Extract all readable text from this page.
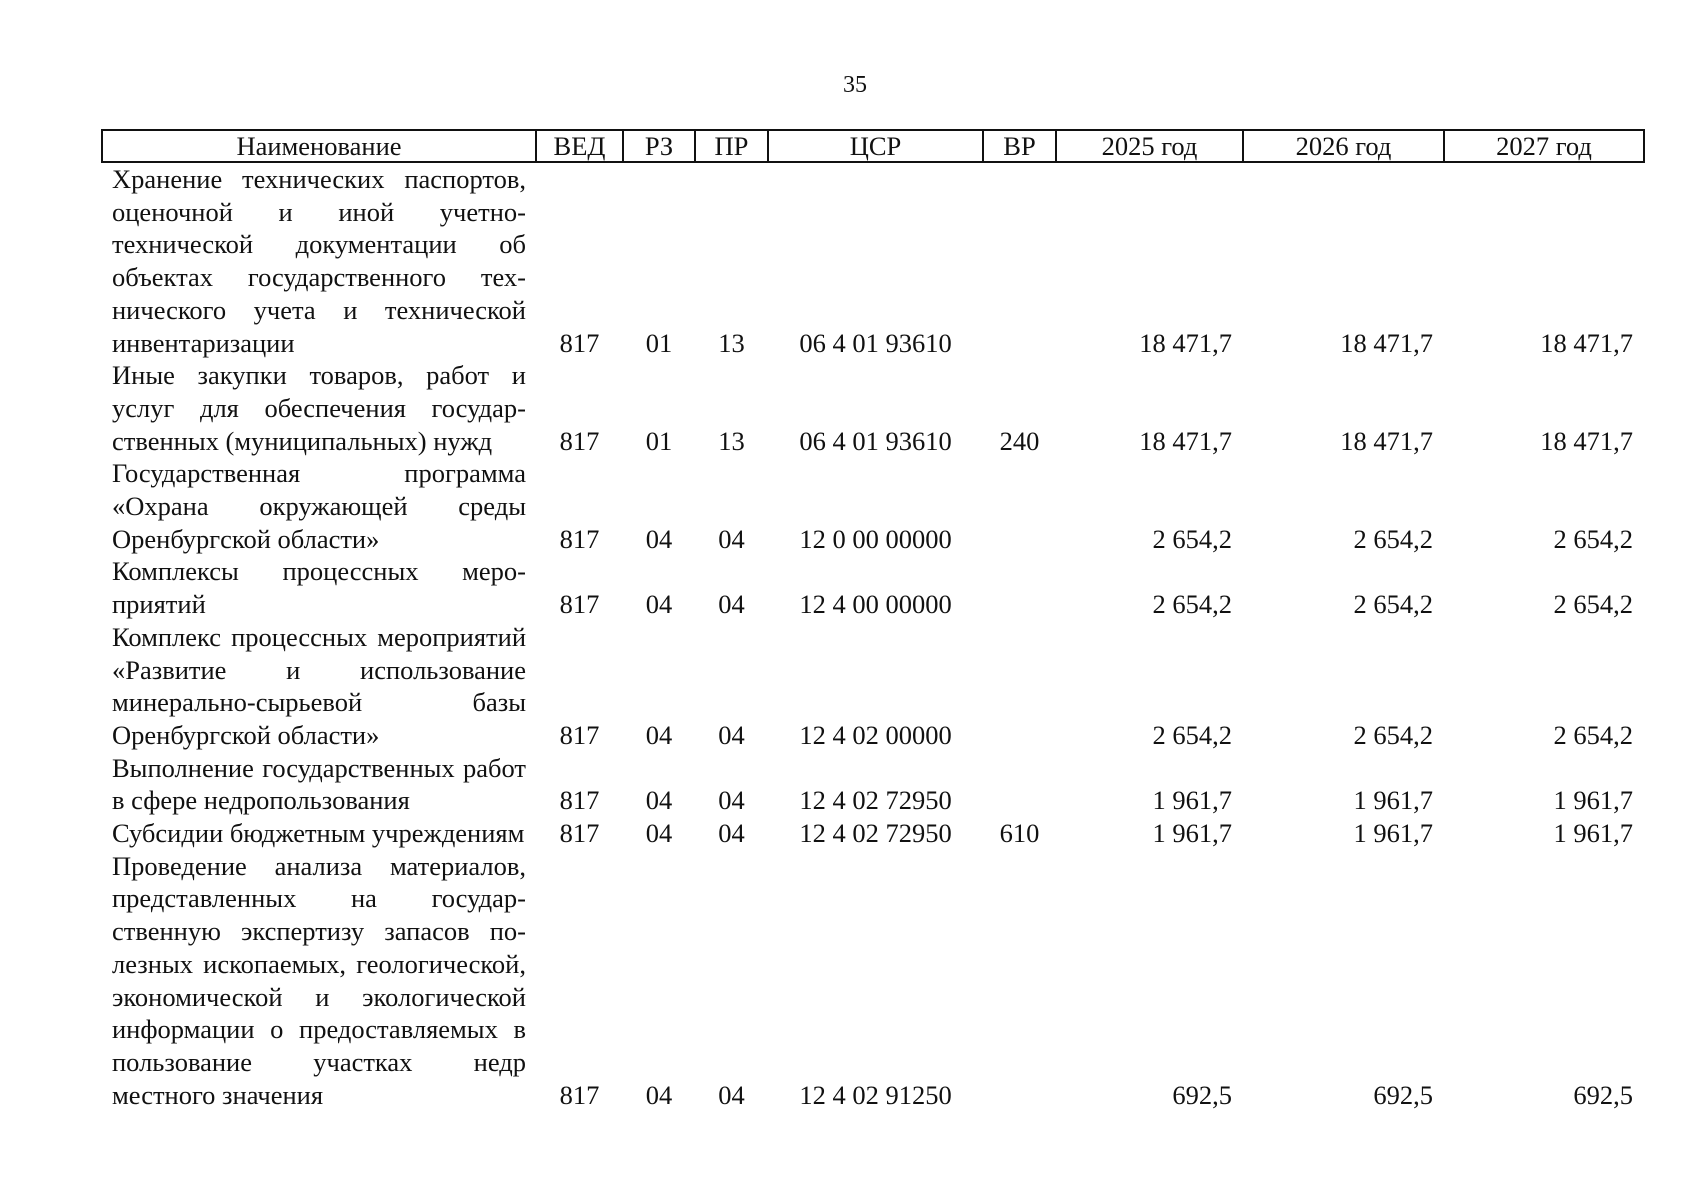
35
Наименование	ВЕД	РЗ	ПР	ЦСР	ВР	2025 год	2026 год	2027 год
Хранение технических паспортов, оценочной и иной учетно-технической документации об объектах государственного технического учета и технической инвентаризации	817	01	13	06 4 01 93610		18 471,7	18 471,7	18 471,7
Иные закупки товаров, работ и услуг для обеспечения государственных (муниципальных) нужд	817	01	13	06 4 01 93610	240	18 471,7	18 471,7	18 471,7
Государственная программа «Охрана окружающей среды Оренбургской области»	817	04	04	12 0 00 00000		2 654,2	2 654,2	2 654,2
Комплексы процессных мероприятий	817	04	04	12 4 00 00000		2 654,2	2 654,2	2 654,2
Комплекс процессных мероприятий «Развитие и использование минерально-сырьевой базы Оренбургской области»	817	04	04	12 4 02 00000		2 654,2	2 654,2	2 654,2
Выполнение государственных работ в сфере недропользования	817	04	04	12 4 02 72950		1 961,7	1 961,7	1 961,7
Субсидии бюджетным учреждениям	817	04	04	12 4 02 72950	610	1 961,7	1 961,7	1 961,7
Проведение анализа материалов, представленных на государственную экспертизу запасов полезных ископаемых, геологической, экономической и экологической информации о предоставляемых в пользование участках недр местного значения	817	04	04	12 4 02 91250		692,5	692,5	692,5
